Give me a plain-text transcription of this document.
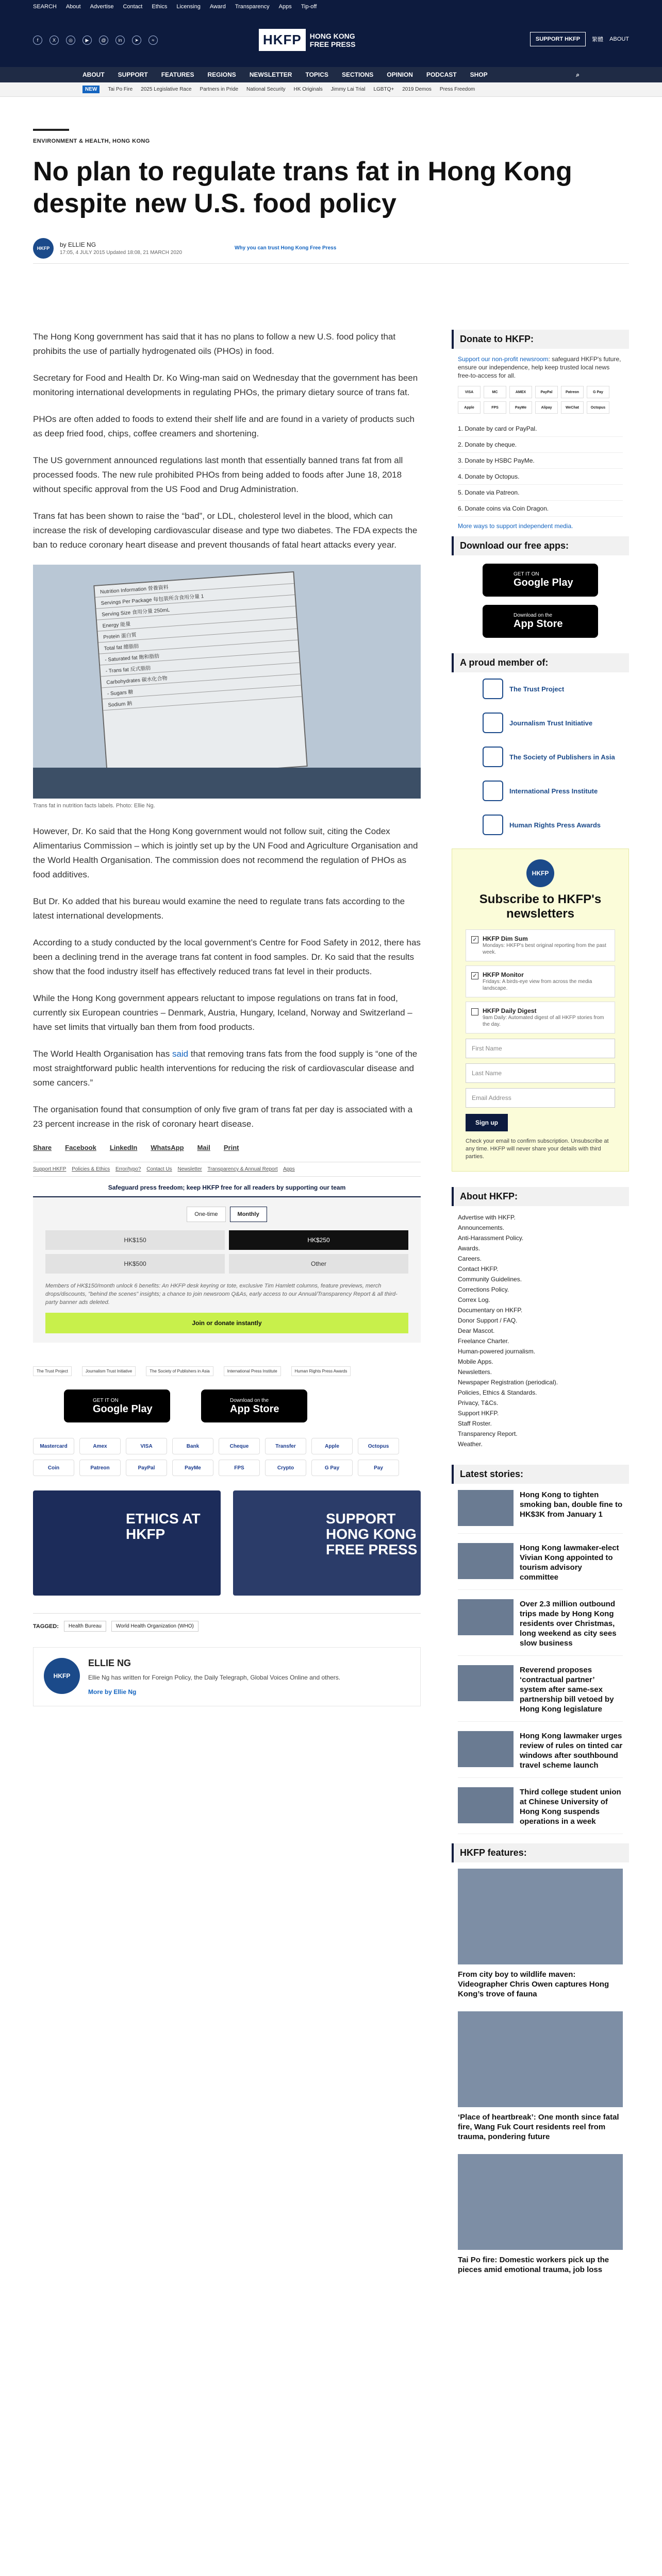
SEARCH About Advertise Contact Ethics Licensing Award Transparency Apps Tip-off
f	X	◎	▶	@	in	➤	≈	HKFP	HONG KONG
FREE PRESS
SUPPORT HKFP	繁體 ABOUT
ABOUT SUPPORT FEATURES REGIONS NEWSLETTER TOPICS SECTIONS OPINION PODCAST SHOP	⌕
NEW	Tai Po Fire 2025 Legislative Race Partners in Pride National Security HK Originals Jimmy Lai Trial LGBTQ+ 2019 Demos Press Freedom
ENVIRONMENT & HEALTH, HONG KONG
No plan to regulate trans fat in Hong Kong despite new U.S. food policy
HKFP	by ELLIE NG
17:05, 4 JULY 2015 Updated 18:08, 21 MARCH 2020
Why you can trust Hong Kong Free Press

The Hong Kong government has said that it has no plans to follow a new U.S. food policy that prohibits the use of partially hydrogenated oils (PHOs) in food.

Secretary for Food and Health Dr. Ko Wing-man said on Wednesday that the government has been monitoring international developments in regulating PHOs, the primary dietary source of trans fat.

PHOs are often added to foods to extend their shelf life and are found in a variety of products such as deep fried food, chips, coffee creamers and shortening.

The US government announced regulations last month that essentially banned trans fat from all processed foods. The new rule prohibited PHOs from being added to foods after June 18, 2018 without specific approval from the US Food and Drug Administration.

Trans fat has been shown to raise the “bad”, or LDL, cholesterol level in the blood, which can increase the risk of developing cardiovascular disease and type two diabetes. The FDA expects the ban to reduce coronary heart disease and prevent thousands of fatal heart attacks every year.

Nutrition Information 營養資料
Servings Per Package 每包裝所含食用分量 1
Serving Size 食用分量 250mL
Energy 能量
Protein 蛋白質
Total fat 總脂肪
- Saturated fat 飽和脂肪
- Trans fat 反式脂肪
Carbohydrates 碳水化合物
- Sugars 糖
Sodium 鈉
Trans fat in nutrition facts labels. Photo: Ellie Ng.

However, Dr. Ko said that the Hong Kong government would not follow suit, citing the Codex Alimentarius Commission – which is jointly set up by the UN Food and Agriculture Organisation and the World Health Organisation. The commission does not recommend the regulation of PHOs as food additives.

But Dr. Ko added that his bureau would examine the need to regulate trans fats according to the latest international developments.

According to a study conducted by the local government’s Centre for Food Safety in 2012, there has been a declining trend in the average trans fat content in food samples. Dr. Ko said that the results show that the food industry itself has effectively reduced trans fat level in their products.

While the Hong Kong government appears reluctant to impose regulations on trans fat in food, currently six European countries – Denmark, Austria, Hungary, Iceland, Norway and Switzerland – have set limits that virtually ban them from food products.

The World Health Organisation has said that removing trans fats from the food supply is “one of the most straightforward public health interventions for reducing the risk of cardiovascular disease and some cancers.”

The organisation found that consumption of only five gram of trans fat per day is associated with a 23 percent increase in the risk of coronary heart disease.

Share Facebook LinkedIn WhatsApp Mail Print
Support HKFP Policies & Ethics Error/typo? Contact Us Newsletter Transparency & Annual Report Apps
Safeguard press freedom; keep HKFP free for all readers by supporting our team
One-time	Monthly
HK$150	HK$250
HK$500	Other
Members of HK$150/month unlock 6 benefits: An HKFP desk keyring or tote, exclusive Tim Hamlett columns, feature previews, merch drops/discounts, "behind the scenes" insights; a chance to join newsroom Q&As, early access to our Annual/Transparency Report & all third-party banner ads deleted.
Join or donate instantly
The Trust Project	Journalism Trust Initiative	The Society of Publishers in Asia	International Press Institute	Human Rights Press Awards
GET IT ON
Google Play
Download on the
App Store
Mastercard	Amex	VISA	Bank	Cheque	Transfer	Apple	Octopus
Coin	Patreon	PayPal	PayMe	FPS	Crypto	G Pay	Pay
ETHICS AT HKFP
SUPPORT HONG KONG FREE PRESS
TAGGED:	Health Bureau	World Health Organization (WHO)
HKFP
ELLIE NG
Ellie Ng has written for Foreign Policy, the Daily Telegraph, Global Voices Online and others.
More by Ellie Ng
Donate to HKFP:

Support our non-profit newsroom: safeguard HKFP's future, ensure our independence, help keep trusted local news free-to-access for all.

VISA	MC	AMEX	PayPal	Patreon	G Pay
Apple	FPS	PayMe	Alipay	WeChat	Octopus
1. Donate by card or PayPal.
2. Donate by cheque.
3. Donate by HSBC PayMe.
4. Donate by Octopus.
5. Donate via Patreon.
6. Donate coins via Coin Dragon.

More ways to support independent media.

Download our free apps:
GET IT ON
Google Play
Download on the
App Store
A proud member of:
The Trust Project
Journalism Trust Initiative
The Society of Publishers in Asia
International Press Institute
Human Rights Press Awards
HKFP
Subscribe to HKFP's newsletters
✓ HKFP Dim Sum
Mondays: HKFP's best original reporting from the past week.
✓ HKFP Monitor
Fridays: A birds-eye view from across the media landscape.
HKFP Daily Digest
9am Daily: Automated digest of all HKFP stories from the day.
First Name
Last Name
Email Address
Sign up
Check your email to confirm subscription. Unsubscribe at any time. HKFP will never share your details with third parties.
About HKFP:
Advertise with HKFP.
Announcements.
Anti-Harassment Policy.
Awards.
Careers.
Contact HKFP.
Community Guidelines.
Corrections Policy.
Correx Log.
Documentary on HKFP.
Donor Support / FAQ.
Dear Mascot.
Freelance Charter.
Human-powered journalism.
Mobile Apps.
Newsletters.
Newspaper Registration (periodical).
Policies, Ethics & Standards.
Privacy, T&Cs.
Support HKFP.
Staff Roster.
Transparency Report.
Weather.
Latest stories:
Hong Kong to tighten smoking ban, double fine to HK$3K from January 1
Hong Kong lawmaker-elect Vivian Kong appointed to tourism advisory committee
Over 2.3 million outbound trips made by Hong Kong residents over Christmas, long weekend as city sees slow business
Reverend proposes ‘contractual partner’ system after same-sex partnership bill vetoed by Hong Kong legislature
Hong Kong lawmaker urges review of rules on tinted car windows after southbound travel scheme launch
Third college student union at Chinese University of Hong Kong suspends operations in a week
HKFP features:
From city boy to wildlife maven: Videographer Chris Owen captures Hong Kong’s trove of fauna
‘Place of heartbreak’: One month since fatal fire, Wang Fuk Court residents reel from trauma, pondering future
Tai Po fire: Domestic workers pick up the pieces amid emotional trauma, job loss
